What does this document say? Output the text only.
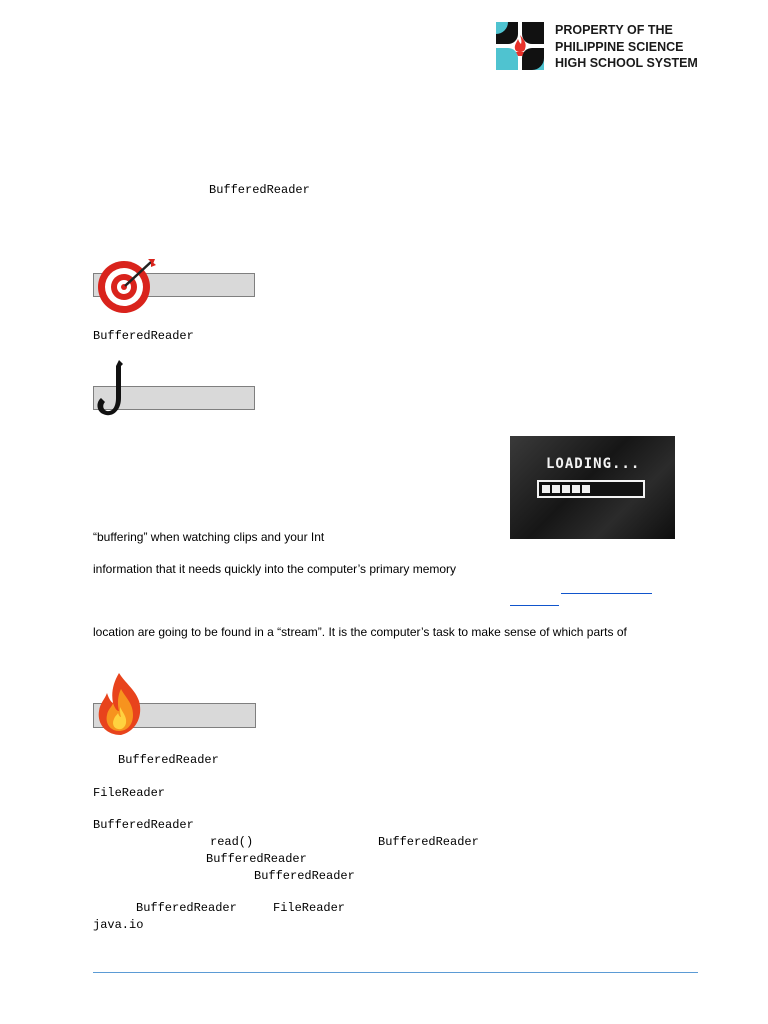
PROPERTY OF THE
PHILIPPINE SCIENCE
HIGH SCHOOL SYSTEM
BufferedReader
BufferedReader
LOADING...
“buffering” when watching clips and your Int
information that it needs quickly into the computer’s primary memory
location are going to be found in a “stream”. It is the computer’s task to make sense of which parts of
BufferedReader
FileReader
BufferedReader
read()	BufferedReader
BufferedReader
BufferedReader
BufferedReader	FileReader
java.io
